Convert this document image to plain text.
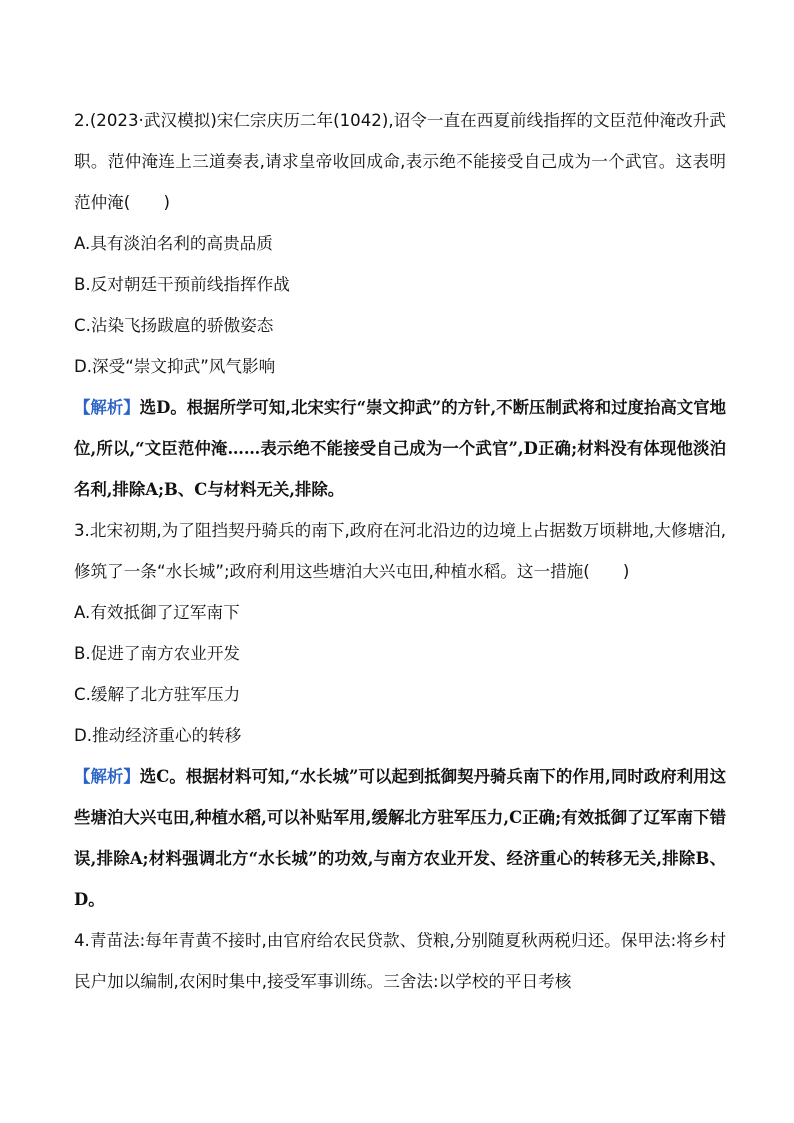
2.(2023·武汉模拟)宋仁宗庆历二年(1042),诏令一直在西夏前线指挥的文臣范仲淹改升武职。范仲淹连上三道奏表,请求皇帝收回成命,表示绝不能接受自己成为一个武官。这表明范仲淹(　　)

A.具有淡泊名利的高贵品质

B.反对朝廷干预前线指挥作战

C.沾染飞扬跋扈的骄傲姿态

D.深受“崇文抑武”风气影响

【解析】选D。根据所学可知,北宋实行“崇文抑武”的方针,不断压制武将和过度抬高文官地位,所以,“文臣范仲淹……表示绝不能接受自己成为一个武官”,D正确;材料没有体现他淡泊名利,排除A;B、C与材料无关,排除。

3.北宋初期,为了阻挡契丹骑兵的南下,政府在河北沿边的边境上占据数万顷耕地,大修塘泊,修筑了一条“水长城”;政府利用这些塘泊大兴屯田,种植水稻。这一措施(　　)

A.有效抵御了辽军南下

B.促进了南方农业开发

C.缓解了北方驻军压力

D.推动经济重心的转移

【解析】选C。根据材料可知,“水长城”可以起到抵御契丹骑兵南下的作用,同时政府利用这些塘泊大兴屯田,种植水稻,可以补贴军用,缓解北方驻军压力,C正确;有效抵御了辽军南下错误,排除A;材料强调北方“水长城”的功效,与南方农业开发、经济重心的转移无关,排除B、D。

4.青苗法:每年青黄不接时,由官府给农民贷款、贷粮,分别随夏秋两税归还。保甲法:将乡村民户加以编制,农闲时集中,接受军事训练。三舍法:以学校的平日考核
